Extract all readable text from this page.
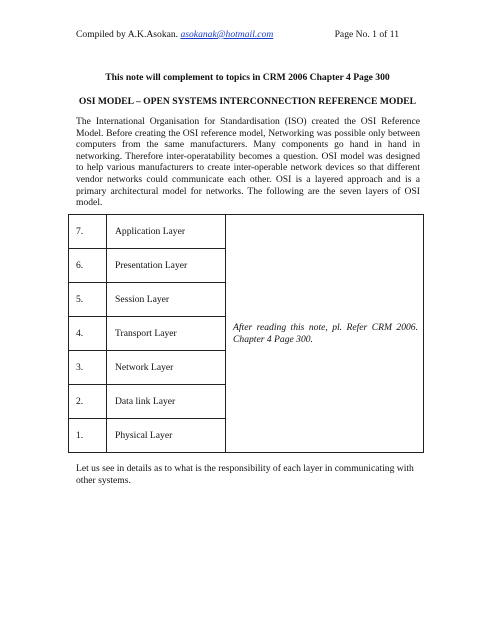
Compiled by A.K.Asokan. asokanak@hotmail.com	Page No. 1 of 11
This note will complement to topics in CRM 2006 Chapter 4 Page 300
OSI MODEL – OPEN SYSTEMS INTERCONNECTION REFERENCE MODEL

The International Organisation for Standardisation (ISO) created the OSI Reference Model. Before creating the OSI reference model, Networking was possible only between computers from the same manufacturers. Many components go hand in hand in networking. Therefore inter-operatability becomes a question. OSI model was designed to help various manufacturers to create inter-operable network devices so that different vendor networks could communicate each other. OSI is a layered approach and is a primary architectural model for networks. The following are the seven layers of OSI model.

7.	Application Layer	After reading this note, pl. Refer CRM 2006. Chapter 4 Page 300.
6.	Presentation Layer	
5.	Session Layer	
4.	Transport Layer	
3.	Network Layer	
2.	Data link Layer	
1.	Physical Layer	

Let us see in details as to what is the responsibility of each layer in communicating with other systems.
